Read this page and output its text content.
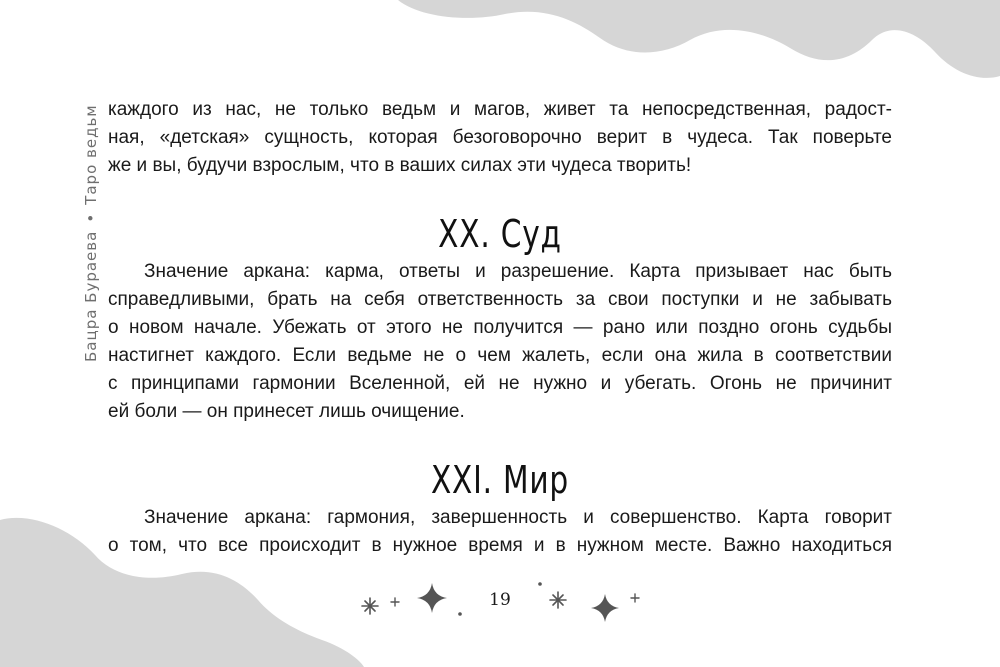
Бацра Бураева•Таро ведьм каждого из нас, не только ведьм и магов, живет та непосредственная, радост-
ная, «детская» сущность, которая безоговорочно верит в чудеса. Так поверьте
же и вы, будучи взрослым, что в ваших силах эти чудеса творить!

XX. Суд

Значение аркана: карма, ответы и разрешение. Карта призывает нас быть
справедливыми, брать на себя ответственность за свои поступки и не забывать
о новом начале. Убежать от этого не получится — рано или поздно огонь судьбы
настигнет каждого. Если ведьме не о чем жалеть, если она жила в соответствии
с принципами гармонии Вселенной, ей не нужно и убегать. Огонь не причинит
ей боли — он принесет лишь очищение.

XXI. Мир

Значение аркана: гармония, завершенность и совершенство. Карта говорит
о том, что все происходит в нужное время и в нужном месте. Важно находиться

19
